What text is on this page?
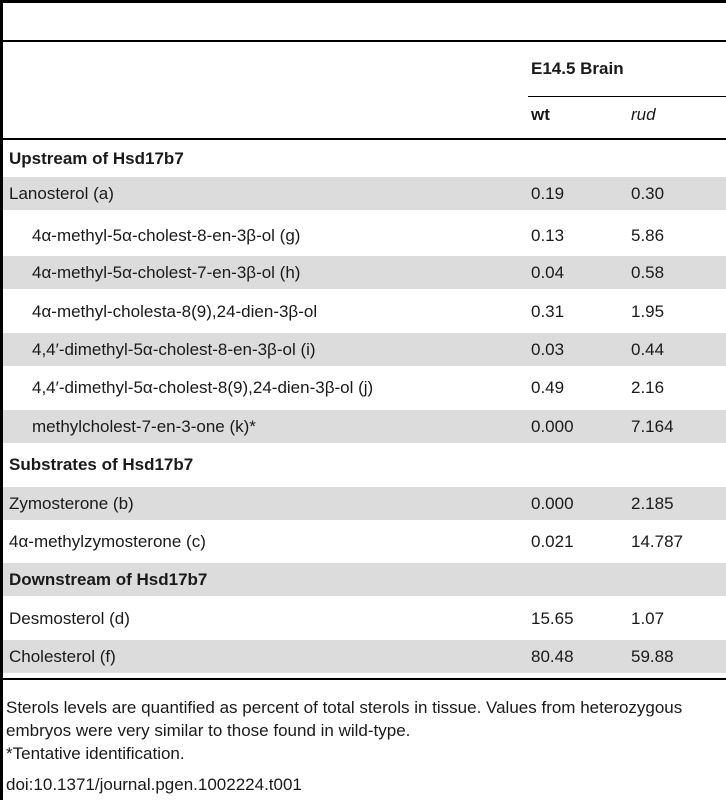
E14.5 Brain
wt	rud
Upstream of Hsd17b7
Lanosterol (a)	0.19	0.30
4α-methyl-5α-cholest-8-en-3β-ol (g)	0.13	5.86
4α-methyl-5α-cholest-7-en-3β-ol (h)	0.04	0.58
4α-methyl-cholesta-8(9),24-dien-3β-ol	0.31	1.95
4,4′-dimethyl-5α-cholest-8-en-3β-ol (i)	0.03	0.44
4,4′-dimethyl-5α-cholest-8(9),24-dien-3β-ol (j)	0.49	2.16
methylcholest-7-en-3-one (k)*	0.000	7.164
Substrates of Hsd17b7
Zymosterone (b)	0.000	2.185
4α-methylzymosterone (c)	0.021	14.787
Downstream of Hsd17b7
Desmosterol (d)	15.65	1.07
Cholesterol (f)	80.48	59.88

Sterols levels are quantified as percent of total sterols in tissue. Values from heterozygous embryos were very similar to those found in wild-type.

*Tentative identification.

doi:10.1371/journal.pgen.1002224.t001
